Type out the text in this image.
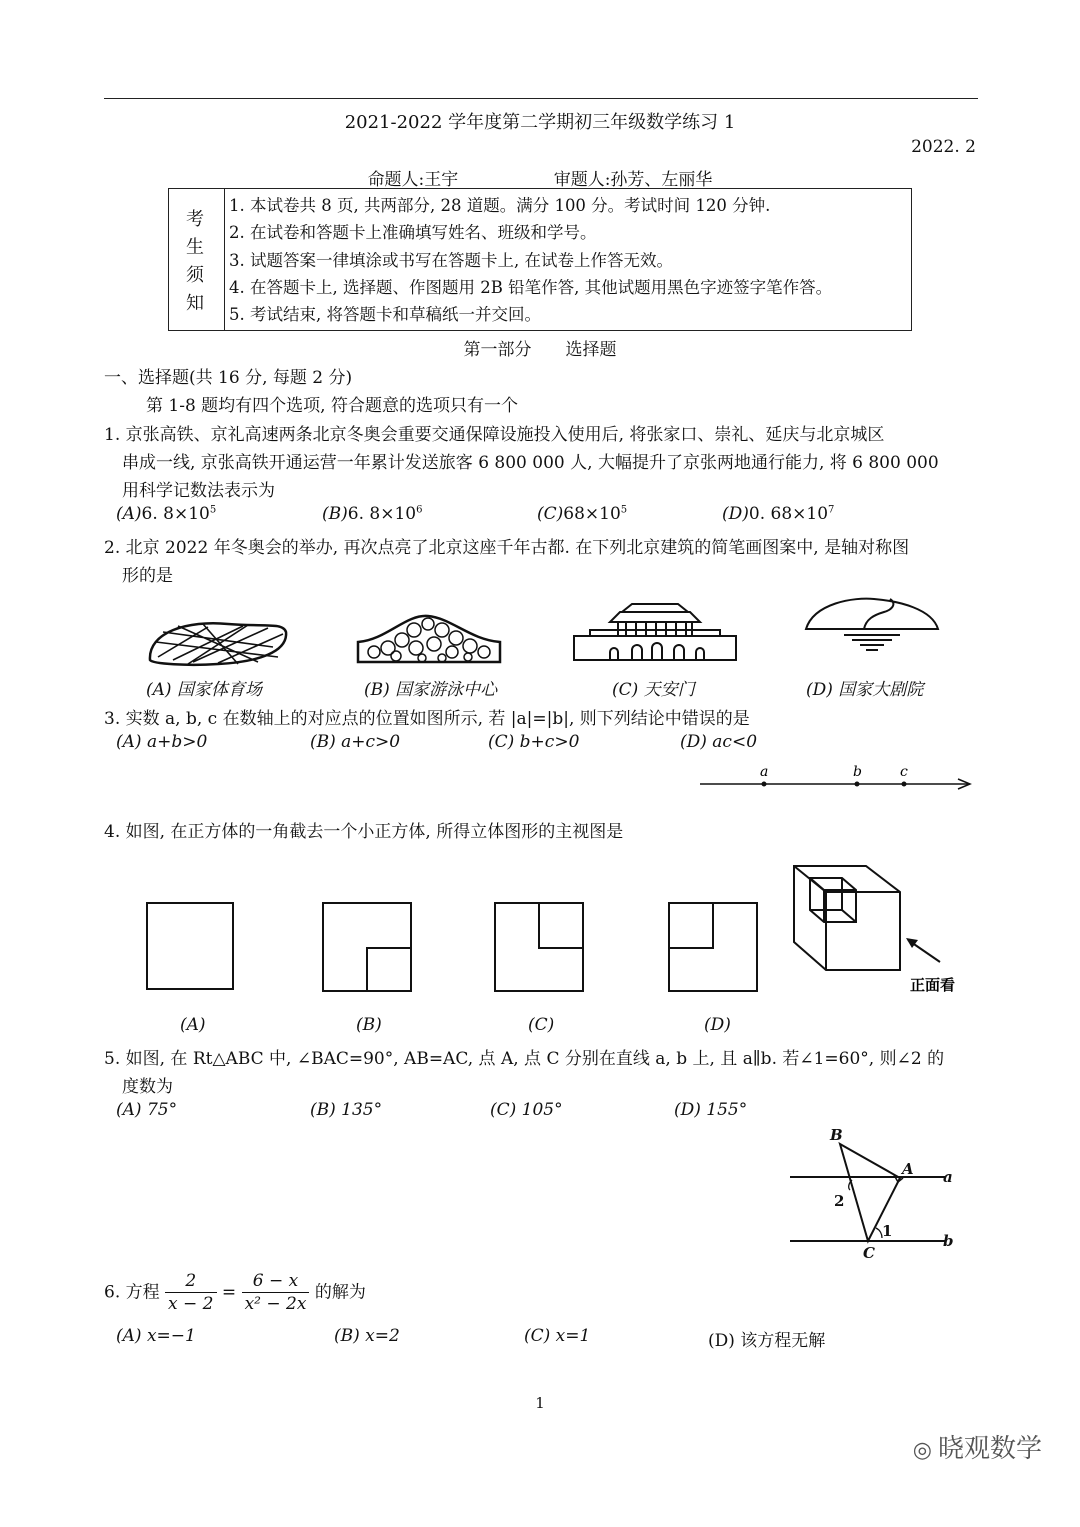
2021-2022 学年度第二学期初三年级数学练习 1
2022. 2
命题人:王宇	审题人:孙芳、左丽华
考
生
须
知
1. 本试卷共 8 页, 共两部分, 28 道题。满分 100 分。考试时间 120 分钟.
2. 在试卷和答题卡上准确填写姓名、班级和学号。
3. 试题答案一律填涂或书写在答题卡上, 在试卷上作答无效。
4. 在答题卡上, 选择题、作图题用 2B 铅笔作答, 其他试题用黑色字迹签字笔作答。
5. 考试结束, 将答题卡和草稿纸一并交回。
第一部分　　选择题
一、选择题(共 16 分, 每题 2 分)
第 1-8 题均有四个选项, 符合题意的选项只有一个
1. 京张高铁、京礼高速两条北京冬奥会重要交通保障设施投入使用后, 将张家口、崇礼、延庆与北京城区
串成一线, 京张高铁开通运营一年累计发送旅客 6 800 000 人, 大幅提升了京张两地通行能力, 将 6 800 000
用科学记数法表示为
(A)6. $8\times 10^5$	(B)6. $8\times 10^6$	$(C)68\times 10^5$	(D)0. $68\times 10^7$
2. 北京 2022 年冬奥会的举办, 再次点亮了北京这座千年古都. 在下列北京建筑的简笔画图案中, 是轴对称图
形的是
(A) 国家体育场	(B) 国家游泳中心	(C) 天安门	(D) 国家大剧院
3. 实数 a, b, c 在数轴上的对应点的位置如图所示, 若 |a|=|b|, 则下列结论中错误的是
(A) a+b>0	(B) a+c>0	(C) b+c>0	(D) ac<0
a	b	c
4. 如图, 在正方体的一角截去一个小正方体, 所得立体图形的主视图是
正面看
(A)	(B)	(C)	(D)
5. 如图, 在 Rt△ABC 中, ∠BAC=90°, AB=AC, 点 A, 点 C 分别在直线 a, b 上, 且 a∥b. 若∠1=60°, 则∠2 的
度数为
(A) 75°	(B) 135°	(C) 105°	(D) 155°
B
A
C
a
b
2
1
6. 方程 $\frac{2}{x - 2} = \frac{6 - x}{\text{x² − 2x}}$ 的解为
(A) x=−1	(B) x=2	(C) x=1	(D) 该方程无解
1
◎ 晓观数学
